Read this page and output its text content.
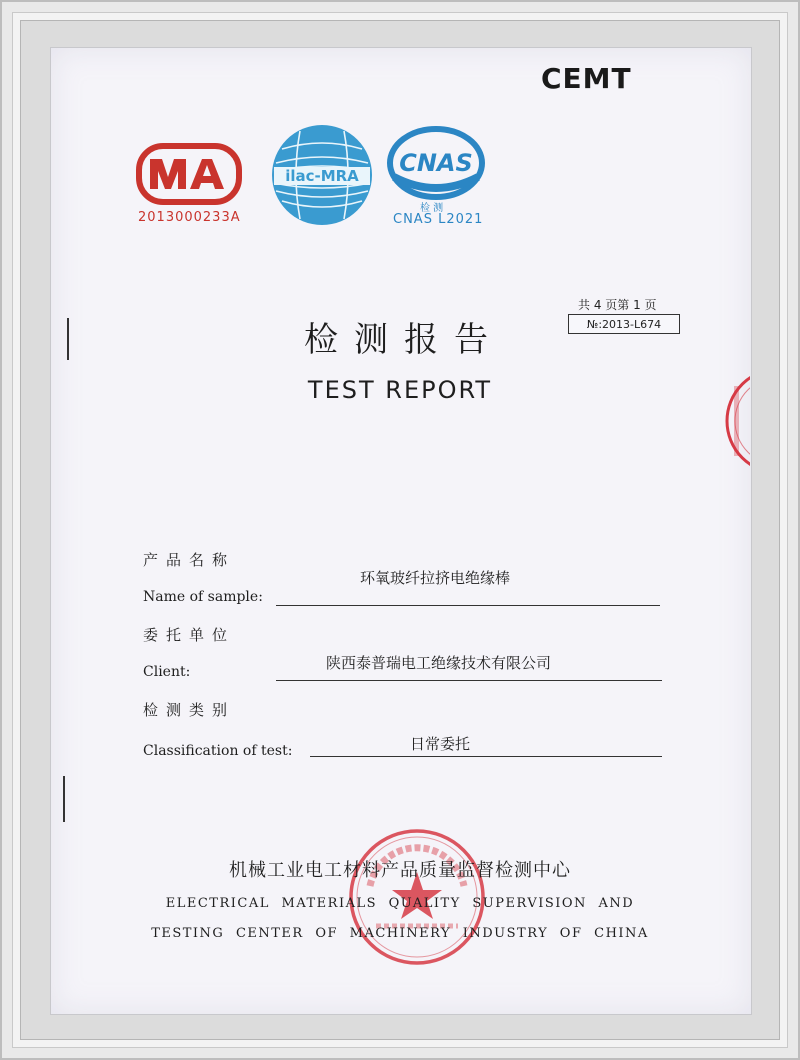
CEMT
2013000233A
ilac-MRA CNAS
检 测
CNAS L2021
共 4 页第 1 页
№:2013-L674
检测报告
TEST REPORT
产品名称
环氧玻纤拉挤电绝缘棒
Name of sample:
委托单位
陕西泰普瑞电工绝缘技术有限公司
Client:
检测类别
日常委托
Classification of test:
机械工业电工材料产品质量监督检测中心
ELECTRICAL MATERIALS QUALITY SUPERVISION AND
TESTING CENTER OF MACHINERY INDUSTRY OF CHINA
